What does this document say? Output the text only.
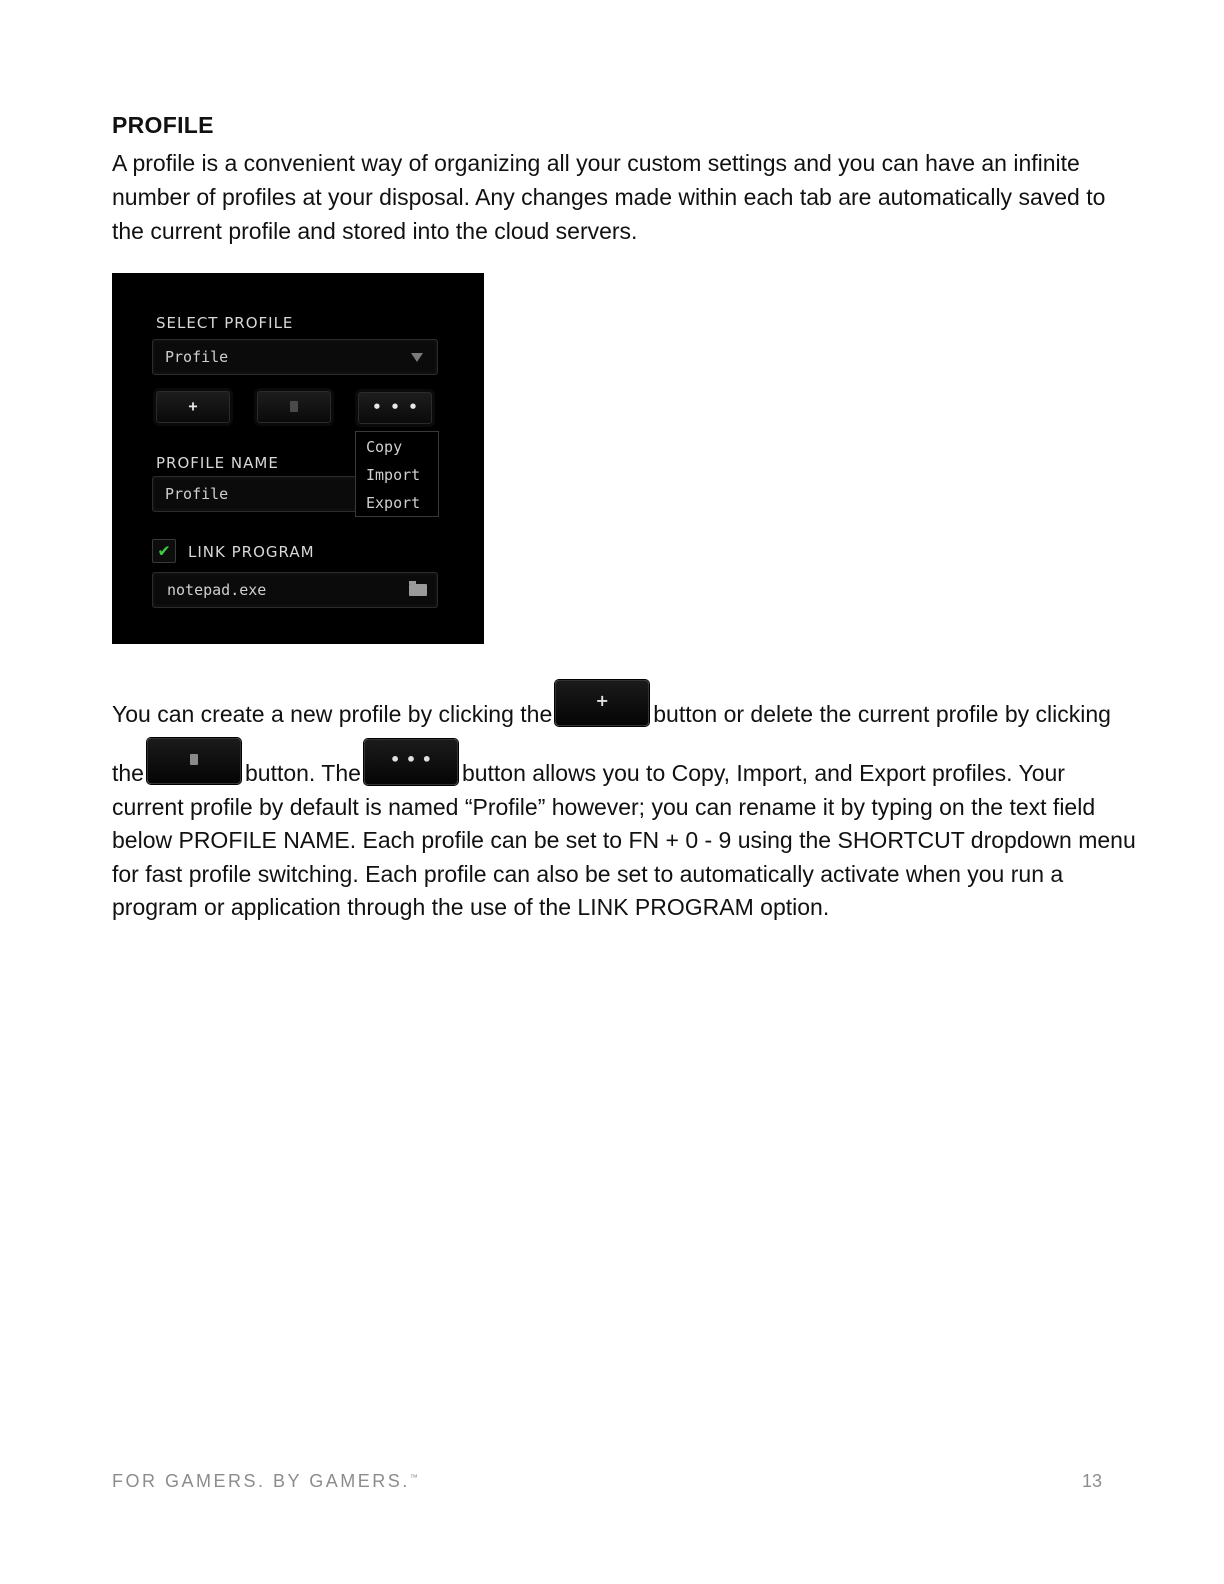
PROFILE
A profile is a convenient way of organizing all your custom settings and you can have an infinite
number of profiles at your disposal. Any changes made within each tab are automatically saved to
the current profile and stored into the cloud servers.
SELECT PROFILE
Profile
+	• • •
PROFILE NAME
Profile
Copy
Import
Export
✔	LINK PROGRAM
notepad.exe
You can create a new profile by clicking the+button or delete the current profile by clicking
the	button. The• • •button allows you to Copy, Import, and Export profiles. Your
current profile by default is named “Profile” however; you can rename it by typing on the text field
below PROFILE NAME. Each profile can be set to FN + 0 - 9 using the SHORTCUT dropdown menu
for fast profile switching. Each profile can also be set to automatically activate when you run a
program or application through the use of the LINK PROGRAM option.
FOR GAMERS. BY GAMERS.™	13
